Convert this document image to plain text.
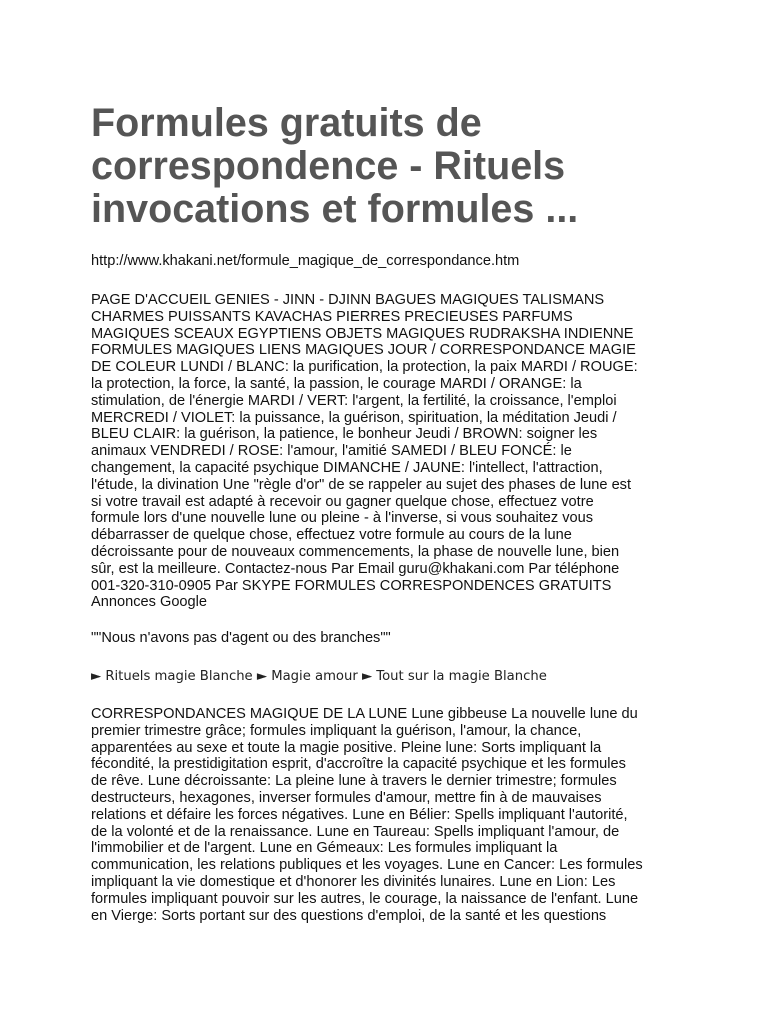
Formules gratuits de
correspondence - Rituels
invocations et formules ...

http://www.khakani.net/formule_magique_de_correspondance.htm

PAGE D'ACCUEIL GENIES - JINN - DJINN BAGUES MAGIQUES TALISMANS
CHARMES PUISSANTS KAVACHAS PIERRES PRECIEUSES PARFUMS
MAGIQUES SCEAUX EGYPTIENS OBJETS MAGIQUES RUDRAKSHA INDIENNE
FORMULES MAGIQUES LIENS MAGIQUES JOUR / CORRESPONDANCE MAGIE
DE COLEUR LUNDI / BLANC: la purification, la protection, la paix MARDI / ROUGE:
la protection, la force, la santé, la passion, le courage MARDI / ORANGE: la
stimulation, de l'énergie MARDI / VERT: l'argent, la fertilité, la croissance, l'emploi
MERCREDI / VIOLET: la puissance, la guérison, spirituation, la méditation Jeudi /
BLEU CLAIR: la guérison, la patience, le bonheur Jeudi / BROWN: soigner les
animaux VENDREDI / ROSE: l'amour, l'amitié SAMEDI / BLEU FONCÉ: le
changement, la capacité psychique DIMANCHE / JAUNE: l'intellect, l'attraction,
l'étude, la divination Une "règle d'or" de se rappeler au sujet des phases de lune est
si votre travail est adapté à recevoir ou gagner quelque chose, effectuez votre
formule lors d'une nouvelle lune ou pleine - à l'inverse, si vous souhaitez vous
débarrasser de quelque chose, effectuez votre formule au cours de la lune
décroissante pour de nouveaux commencements, la phase de nouvelle lune, bien
sûr, est la meilleure. Contactez-nous Par Email guru@khakani.com Par téléphone
001-320-310-0905 Par SKYPE FORMULES CORRESPONDENCES GRATUITS
Annonces Google

""Nous n'avons pas d'agent ou des branches""

► Rituels magie Blanche ► Magie amour ► Tout sur la magie Blanche

CORRESPONDANCES MAGIQUE DE LA LUNE Lune gibbeuse La nouvelle lune du
premier trimestre grâce; formules impliquant la guérison, l'amour, la chance,
apparentées au sexe et toute la magie positive. Pleine lune: Sorts impliquant la
fécondité, la prestidigitation esprit, d'accroître la capacité psychique et les formules
de rêve. Lune décroissante: La pleine lune à travers le dernier trimestre; formules
destructeurs, hexagones, inverser formules d'amour, mettre fin à de mauvaises
relations et défaire les forces négatives. Lune en Bélier: Spells impliquant l'autorité,
de la volonté et de la renaissance. Lune en Taureau: Spells impliquant l'amour, de
l'immobilier et de l'argent. Lune en Gémeaux: Les formules impliquant la
communication, les relations publiques et les voyages. Lune en Cancer: Les formules
impliquant la vie domestique et d'honorer les divinités lunaires. Lune en Lion: Les
formules impliquant pouvoir sur les autres, le courage, la naissance de l'enfant. Lune
en Vierge: Sorts portant sur des questions d'emploi, de la santé et les questions
